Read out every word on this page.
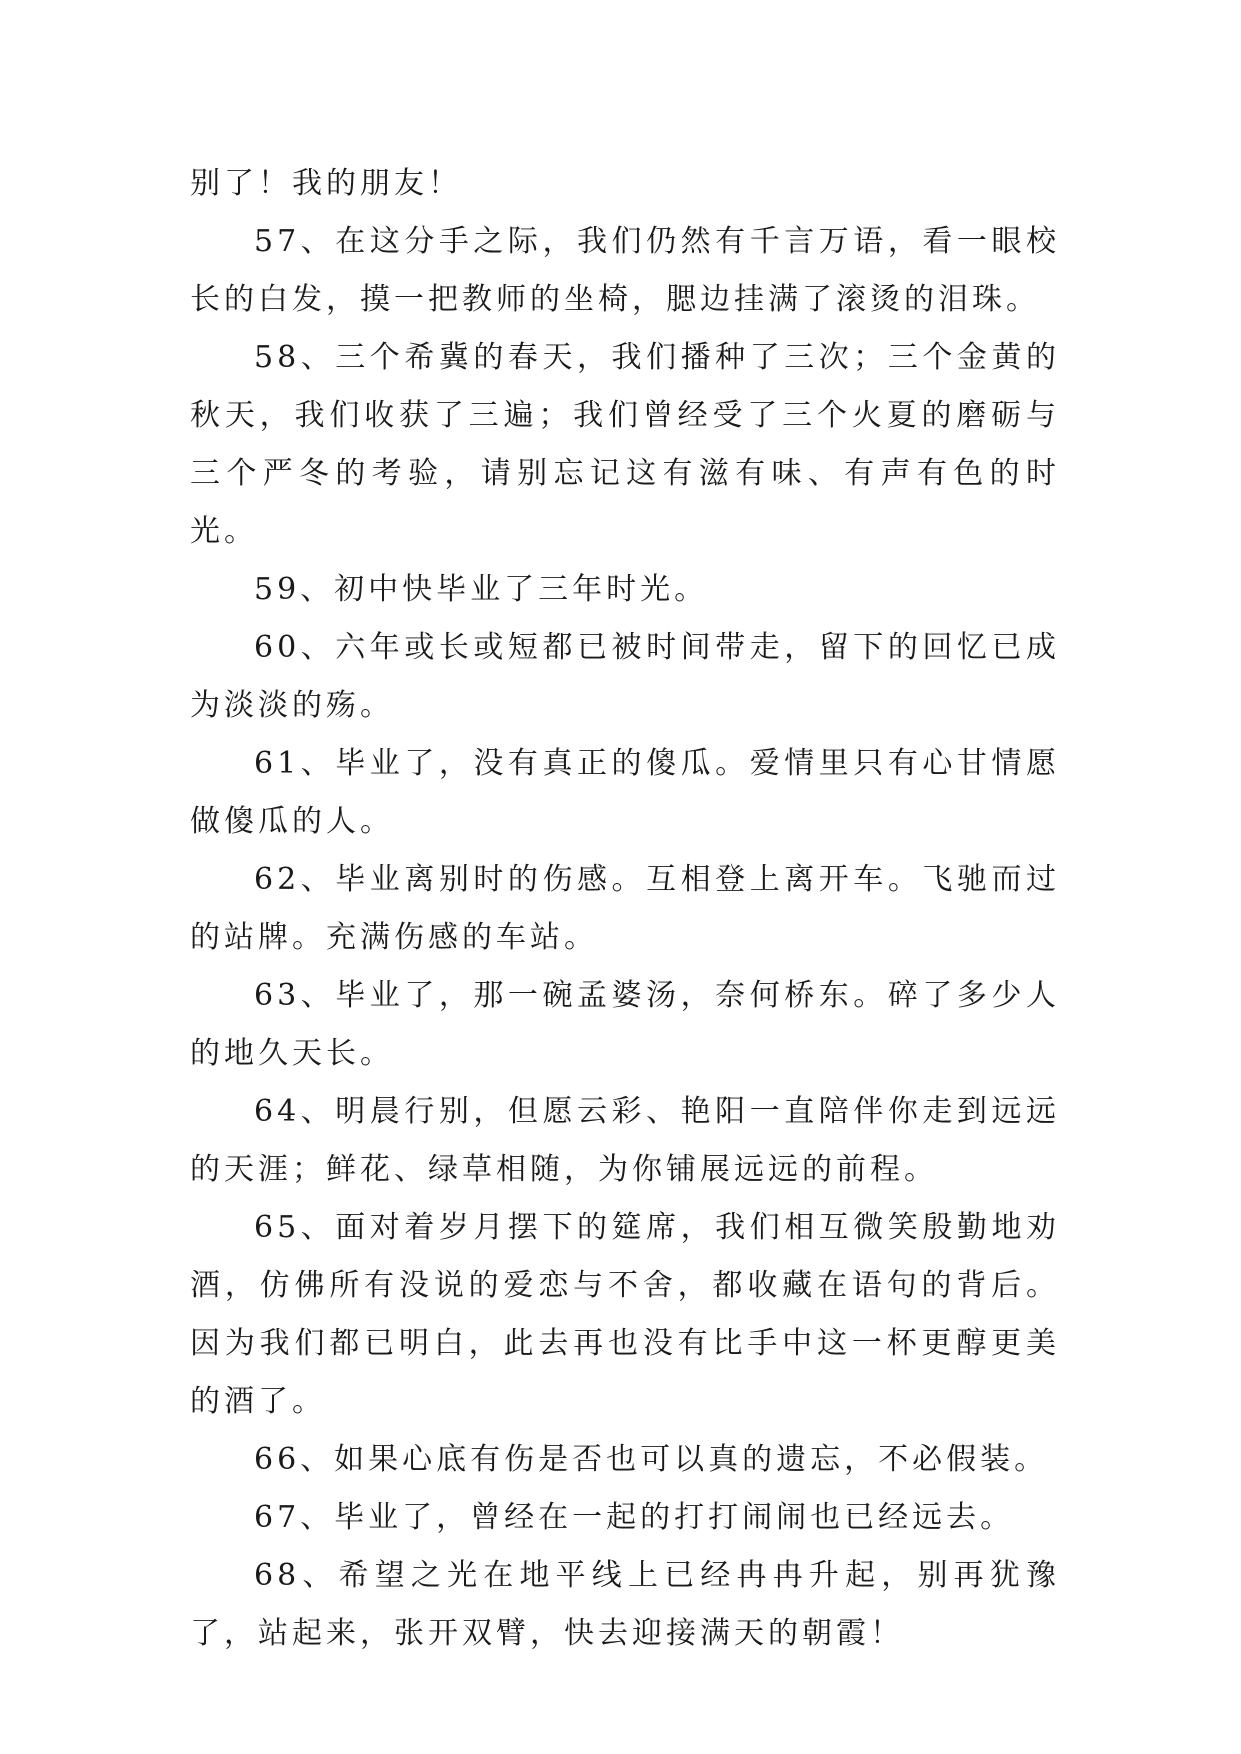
别了！我的朋友！

57、在这分手之际，我们仍然有千言万语，看一眼校长的白发，摸一把教师的坐椅，腮边挂满了滚烫的泪珠。

58、三个希冀的春天，我们播种了三次；三个金黄的秋天，我们收获了三遍；我们曾经受了三个火夏的磨砺与三个严冬的考验，请别忘记这有滋有味、有声有色的时光。

59、初中快毕业了三年时光。

60、六年或长或短都已被时间带走，留下的回忆已成为淡淡的殇。

61、毕业了，没有真正的傻瓜。爱情里只有心甘情愿做傻瓜的人。

62、毕业离别时的伤感。互相登上离开车。飞驰而过的站牌。充满伤感的车站。

63、毕业了，那一碗孟婆汤，奈何桥东。碎了多少人的地久天长。

64、明晨行别，但愿云彩、艳阳一直陪伴你走到远远的天涯；鲜花、绿草相随，为你铺展远远的前程。

65、面对着岁月摆下的筵席，我们相互微笑殷勤地劝酒，仿佛所有没说的爱恋与不舍，都收藏在语句的背后。因为我们都已明白，此去再也没有比手中这一杯更醇更美的酒了。

66、如果心底有伤是否也可以真的遗忘，不必假装。

67、毕业了，曾经在一起的打打闹闹也已经远去。

68、希望之光在地平线上已经冉冉升起，别再犹豫了，站起来，张开双臂，快去迎接满天的朝霞！
